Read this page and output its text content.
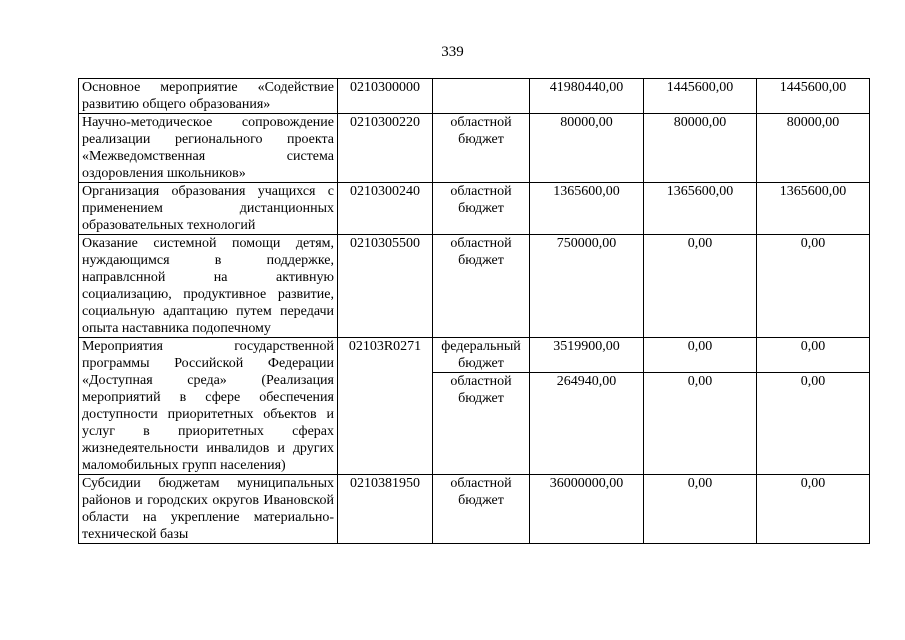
339
Основное мероприятие «Содействие развитию общего образования»	0210300000		41980440,00	1445600,00	1445600,00
Научно-методическое сопровождение реализации регионального проекта «Межведомственная система оздоровления школьников»	0210300220	областной бюджет	80000,00	80000,00	80000,00
Организация образования учащихся с применением дистанционных образовательных технологий	0210300240	областной бюджет	1365600,00	1365600,00	1365600,00
Оказание системной помощи детям, нуждающимся в поддержке, направлснной на активную социализацию, продуктивное развитие, социальную адаптацию путем передачи опыта наставника подопечному	0210305500	областной бюджет	750000,00	0,00	0,00
Мероприятия государственной программы Российской Федерации «Доступная среда» (Реализация мероприятий в сфере обеспечения доступности приоритетных объектов и услуг в приоритетных сферах жизнедеятельности инвалидов и других маломобильных групп населения)	02103R0271	федеральный бюджет	3519900,00	0,00	0,00
		областной бюджет	264940,00	0,00	0,00
Субсидии бюджетам муниципальных районов и городских округов Ивановской области на укрепление материально-технической базы	0210381950	областной бюджет	36000000,00	0,00	0,00
